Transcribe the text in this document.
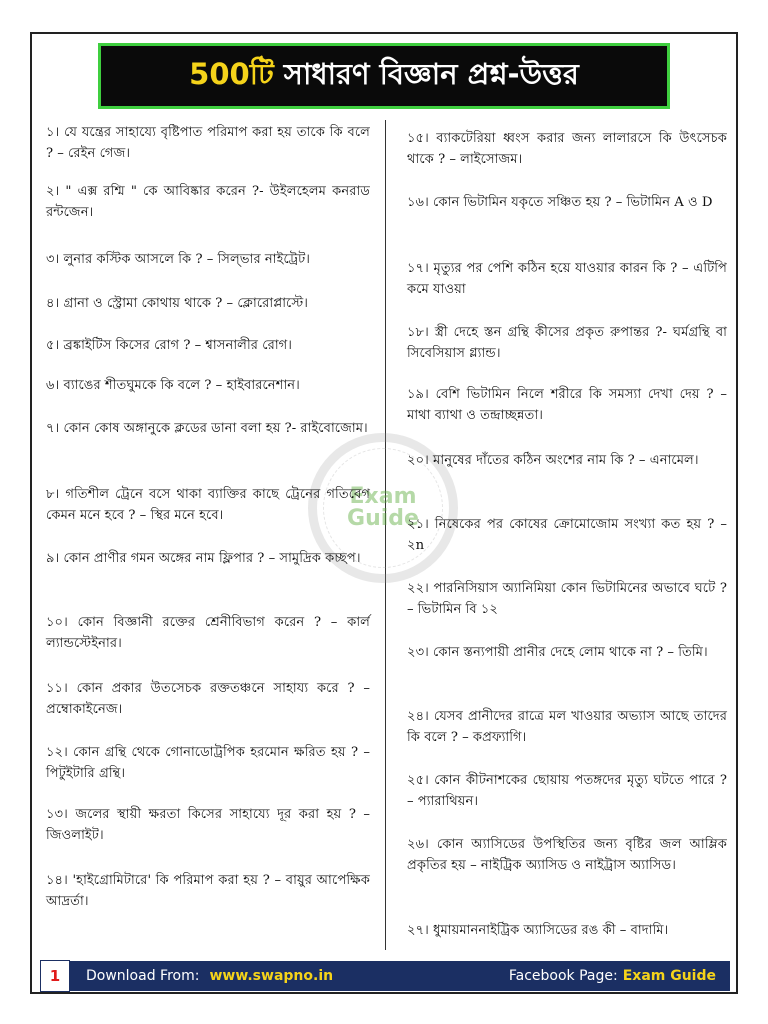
500টি সাধারণ বিজ্ঞান প্রশ্ন-উত্তর
Exam
Guide
১। যে যন্ত্রের সাহায্যে বৃষ্টিপাত পরিমাপ করা হয় তাকে কি বলে ? – রেইন গেজ।
২। " এক্স রশ্মি " কে আবিষ্কার করেন ?- উইলহেলম কনরাড রন্টজেন।
৩। লুনার কস্টিক আসলে কি ? – সিল্ভার নাইট্রেট।
৪। গ্রানা ও স্ট্রোমা কোথায় থাকে ? – ক্লোরোপ্লাস্টে।
৫। ব্রঙ্কাইটিস কিসের রোগ ? – শ্বাসনালীর রোগ।
৬। ব্যাঙের শীতঘুমকে কি বলে ? – হাইবারনেশান।
৭। কোন কোষ অঙ্গানুকে ক্লডের ডানা বলা হয় ?- রাইবোজোম।
৮। গতিশীল ট্রেনে বসে থাকা ব্যাক্তির কাছে ট্রেনের গতিবেগ কেমন মনে হবে ? – স্থির মনে হবে।
৯। কোন প্রাণীর গমন অঙ্গের নাম ফ্লিপার ? – সামুদ্রিক কচ্ছপ।
১০। কোন বিজ্ঞানী রক্তের শ্রেনীবিভাগ করেন ? – কার্ল ল্যান্ডস্টেইনার।
১১। কোন প্রকার উতসেচক রক্ততঞ্চনে সাহায্য করে ? –প্রম্বোকাইনেজ।
১২। কোন গ্রন্থি থেকে গোনাডোট্রপিক হরমোন ক্ষরিত হয় ? – পিটুইটারি গ্রন্থি।
১৩। জলের স্থায়ী ক্ষরতা কিসের সাহায্যে দূর করা হয় ? – জিওলাইট।
১৪। 'হাইগ্রোমিটারে' কি পরিমাপ করা হয় ? – বায়ুর আপেক্ষিক আদ্রর্তা।
১৫। ব্যাকটেরিয়া ধ্বংস করার জন্য লালারসে কি উৎসেচক থাকে ? – লাইসোজম।
১৬। কোন ভিটামিন যকৃতে সঞ্চিত হয় ? – ভিটামিন A ও D
১৭। মৃত্যুর পর পেশি কঠিন হয়ে যাওয়ার কারন কি ? – এটিপি কমে যাওয়া
১৮। স্ত্রী দেহে স্তন গ্রন্থি কীসের প্রকৃত রুপান্তর ?- ঘর্মগ্রন্থি বা সিবেসিয়াস গ্ল্যান্ড।
১৯। বেশি ভিটামিন নিলে শরীরে কি সমস্যা দেখা দেয় ? – মাথা ব্যাথা ও তন্দ্রাচ্ছন্নতা।
২০। মানুষের দাঁতের কঠিন অংশের নাম কি ? – এনামেল।
২১। নিষেকের পর কোষের ক্রোমোজোম সংখ্যা কত হয় ? – ২n
২২। পারনিসিয়াস অ্যানিমিয়া কোন ভিটামিনের অভাবে ঘটে ? – ভিটামিন বি ১২
২৩। কোন স্তন্যপায়ী প্রানীর দেহে লোম থাকে না ? – তিমি।
২৪। যেসব প্রানীদের রাত্রে মল খাওয়ার অভ্যাস আছে তাদের কি বলে ? – কপ্রফ্যাগি।
২৫। কোন কীটনাশকের ছোয়ায় পতঙ্গদের মৃত্যু ঘটতে পারে ? – প্যারাথিয়ন।
২৬। কোন অ্যাসিডের উপস্থিতির জন্য বৃষ্টির জল আম্লিক প্রকৃতির হয় – নাইট্রিক অ্যাসিড ও নাইট্রাস অ্যাসিড।
২৭। ধুমায়মাননাইট্রিক অ্যাসিডের রঙ কী – বাদামি।
1	Download From: www.swapno.in	Facebook Page: Exam Guide
